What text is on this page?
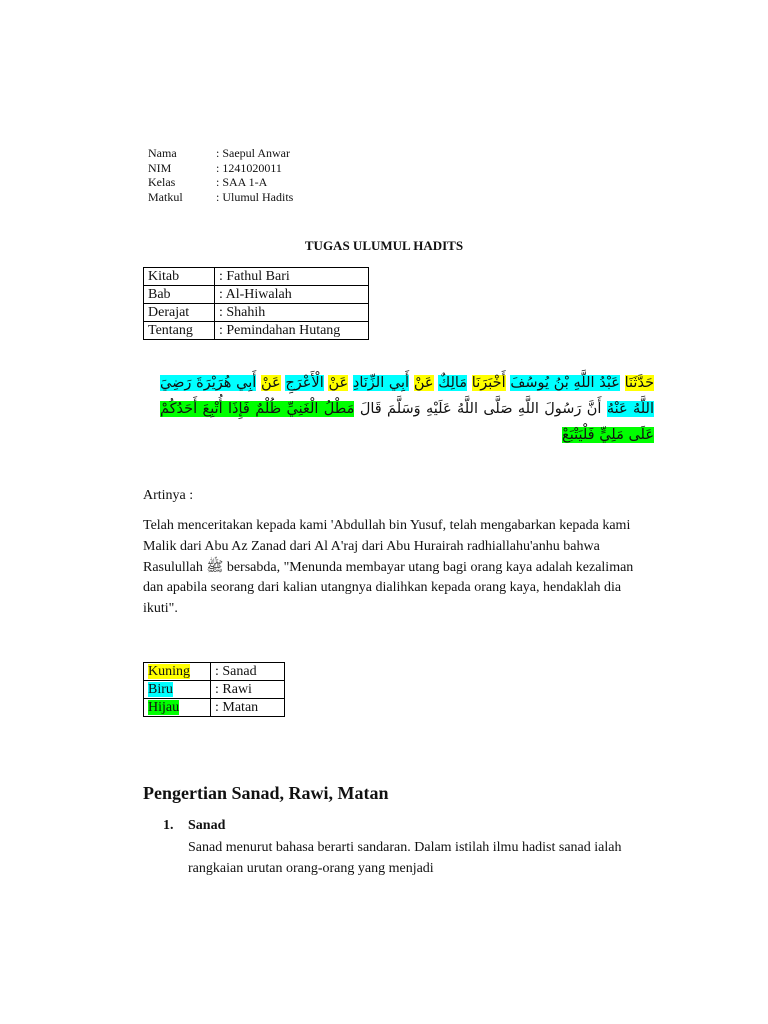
Nama	: Saepul Anwar
NIM	: 1241020011
Kelas	: SAA 1-A
Matkul	: Ulumul Hadits
TUGAS ULUMUL HADITS
Kitab	: Fathul Bari
Bab	: Al-Hiwalah
Derajat	: Shahih
Tentang	: Pemindahan Hutang
حَدَّثَنَا عَبْدُ اللَّهِ بْنُ يُوسُفَ أَخْبَرَنَا مَالِكٌ عَنْ أَبِي الزِّنَادِ عَنْ الْأَعْرَجِ عَنْ أَبِي هُرَيْرَةَ رَضِيَ اللَّهُ عَنْهُ أَنَّ رَسُولَ اللَّهِ صَلَّى اللَّهُ عَلَيْهِ وَسَلَّمَ قَالَ مَطْلُ الْغَنِيِّ ظُلْمٌ فَإِذَا أُتْبِعَ أَحَدُكُمْ عَلَى مَلِيٍّ فَلْيَتْبَعْ
Artinya :
Telah menceritakan kepada kami 'Abdullah bin Yusuf, telah mengabarkan kepada kami Malik dari Abu Az Zanad dari Al A'raj dari Abu Hurairah radhiallahu'anhu bahwa Rasulullah ﷺ bersabda, "Menunda membayar utang bagi orang kaya adalah kezaliman dan apabila seorang dari kalian utangnya dialihkan kepada orang kaya, hendaklah dia ikuti".
Kuning	: Sanad
Biru	: Rawi
Hijau	: Matan
Pengertian Sanad, Rawi, Matan
1. Sanad
Sanad menurut bahasa berarti sandaran. Dalam istilah ilmu hadist sanad ialah rangkaian urutan orang-orang yang menjadi
